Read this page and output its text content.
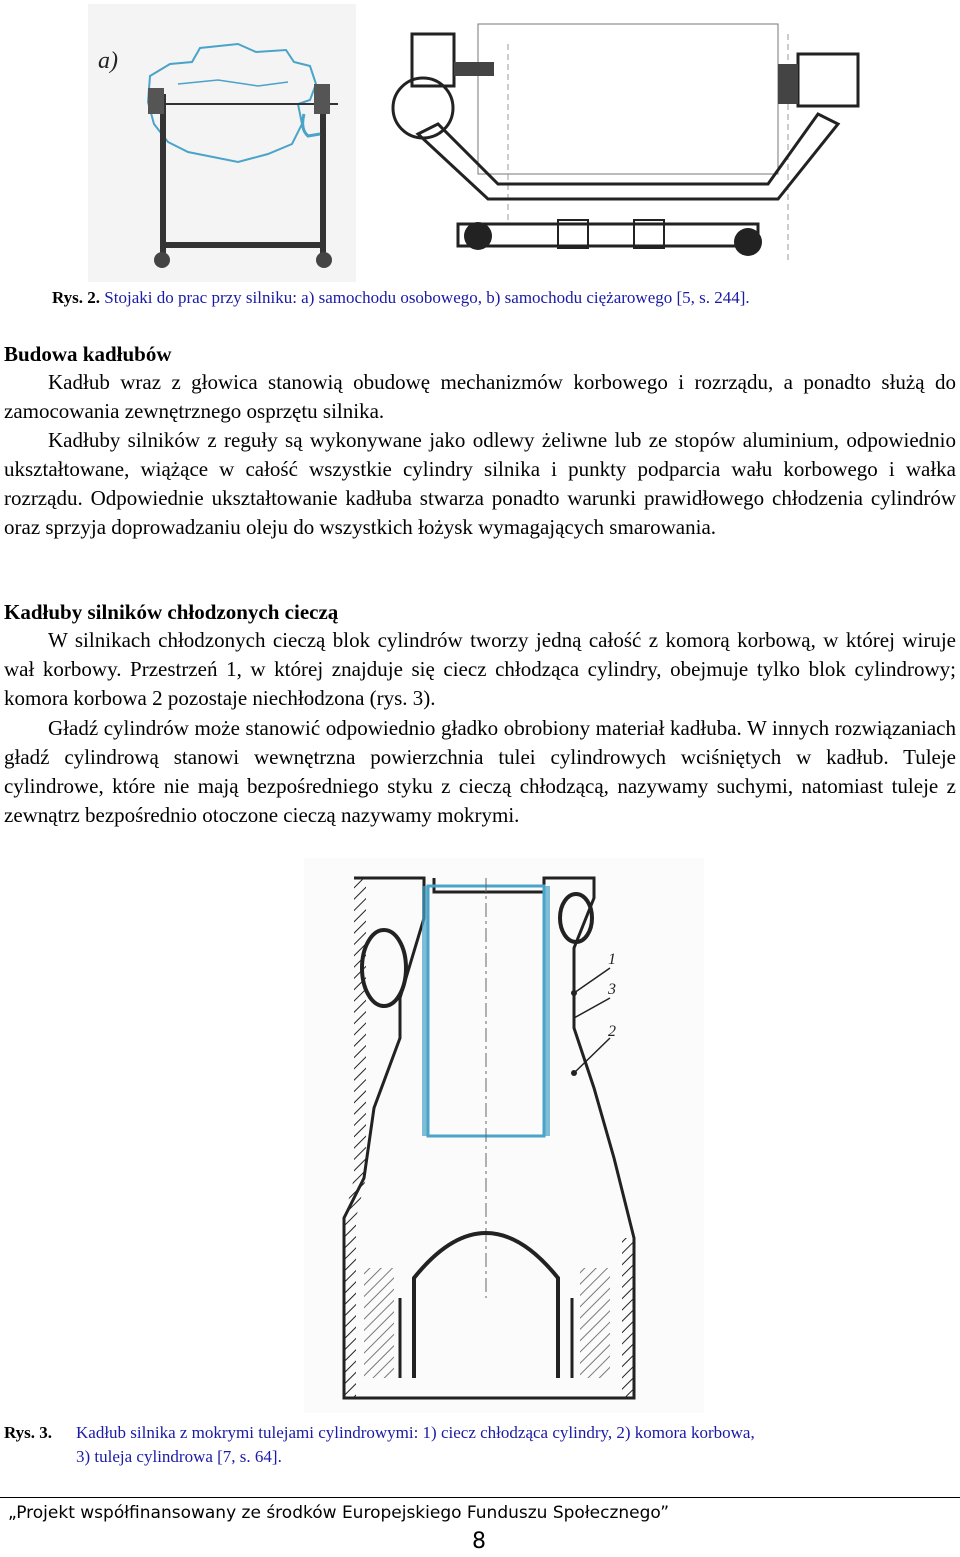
a)
Rys. 2. Stojaki do prac przy silniku: a) samochodu osobowego, b) samochodu ciężarowego [5, s. 244].
Budowa kadłubów
Kadłub wraz z głowica stanowią obudowę mechanizmów korbowego i rozrządu, a ponadto służą do zamocowania zewnętrznego osprzętu silnika.
Kadłuby silników z reguły są wykonywane jako odlewy żeliwne lub ze stopów aluminium, odpowiednio ukształtowane, wiążące w całość wszystkie cylindry silnika i punkty podparcia wału korbowego i wałka rozrządu. Odpowiednie ukształtowanie kadłuba stwarza ponadto warunki prawidłowego chłodzenia cylindrów oraz sprzyja doprowadzaniu oleju do wszystkich łożysk wymagających smarowania.
Kadłuby silników chłodzonych cieczą
W silnikach chłodzonych cieczą blok cylindrów tworzy jedną całość z komorą korbową, w której wiruje wał korbowy. Przestrzeń 1, w której znajduje się ciecz chłodząca cylindry, obejmuje tylko blok cylindrowy; komora korbowa 2 pozostaje niechłodzona (rys. 3).
Gładź cylindrów może stanowić odpowiednio gładko obrobiony materiał kadłuba. W innych rozwiązaniach gładź cylindrową stanowi wewnętrzna powierzchnia tulei cylindrowych wciśniętych w kadłub. Tuleje cylindrowe, które nie mają bezpośredniego styku z cieczą chłodzącą, nazywamy suchymi, natomiast tuleje z zewnątrz bezpośrednio otoczone cieczą nazywamy mokrymi.
1
3
2
Rys. 3.	Kadłub silnika z mokrymi tulejami cylindrowymi: 1) ciecz chłodząca cylindry, 2) komora korbowa,
3) tuleja cylindrowa [7, s. 64].
„Projekt współfinansowany ze środków Europejskiego Funduszu Społecznego”
8
